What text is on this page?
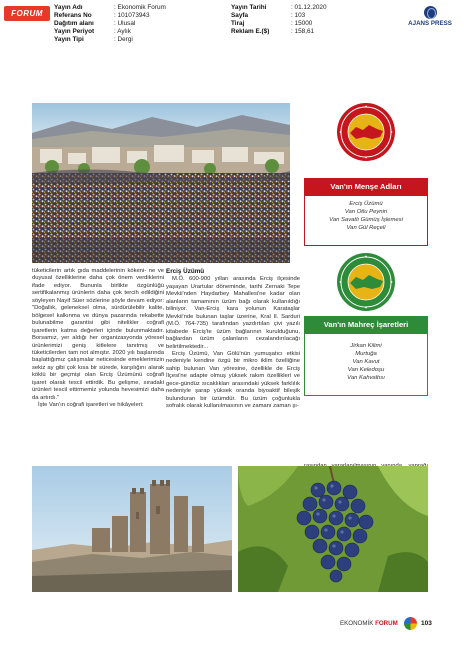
FORUM
Yayın Adı	: Ekonomik Forum
Referans No	: 101073943
Dağıtım alanı	: Ulusal
Yayın Periyot	: Aylık
Yayın Tipi	: Dergi
Yayın Tarihi	: 01.12.2020
Sayfa	: 103
Tiraj	: 15000
Reklam E.($)	: 158,61
AJANS PRESS
Van'ın Menşe Adları
Erciş Üzümü
Van Otlu Peyniri
Van Savatlı Gümüş İşlemesi
Van Gül Reçeli
Van'ın Mahreç İşaretleri
Jirkan Kilimi
Murtuğa
Van Kavut
Van Keledoşu
Van Kahvaltısı

tüketicilerin artık gıda maddelerinin kökeni- ne ve duyusal özelliklerine daha çok önem verdiklerini ifade ediyor. Bununla birlikte özgünlüğü sertifikalanmış ürünlerin daha çok tercih edildiğini söyleyen Nayif Süer sözlerine şöyle devam ediyor: "Doğallık, geleneksel olma, sürdürülebilir kalite, bölgesel kalkınma ve dünya pazarında rekabette bulunabilme garantisi gibi nitelikler coğrafi işaretlerin katma değerleri içinde bulunmaktadır. Borsamız, yer aldığı her organizasyonda yöresel ürünlerimizi geniş kitlelere tanıtmış ve tüketicilerden tam not almıştır. 2020 yılı başlarında başlattığımız çalışmalar neticesinde emeklerimizin sekiz ay gibi çok kısa bir sürede, karşılığını alarak köklü bir geçmişi olan Erciş Üzümünü coğrafi işaret olarak tescil ettirdik. Bu gelişme, sıradaki ürünleri tescil ettirmemiz yolunda hevesimizi daha da artırdı."

İşte Van'ın coğrafi işaretleri ve hikâyeleri:

Erciş Üzümü

M.Ö. 600-900 yılları arasında Erciş ilçesinde yaşayan Urartular döneminde, tarihi Zernaki Tepe Mevkii'nden Haydarbey Mahallesi'ne kadar olan alanların tamamının üzüm bağı olarak kullanıldığı biliniyor. Van-Erciş kara yolunun Karataşlar Mevkii'nde bulunan taşlar üzerine, Kral II. Sarduri (M.Ö. 764-735) tarafından yazdırtılan çivi yazılı kitabede Erciş'te üzüm bağlarının kurulduğunu, bağlardan üzüm çalanların cezalandırılacağı belirtilmektedir...

Erciş Üzümü, Van Gölü'nün yumuşatıcı etkisi nedeniyle kendine özgü bir mikro iklim özelliğine sahip bulunan Van yöresine, özellikle de Erciş İlçesi'ne adapte olmuş yüksek rakım özellikleri ve gece-gündüz sıcaklıkları arasındaki yüksek farklılık nedeniyle şarap yüksek oranda biyoaktif bileşik bulunduran bir üzümdür. Bu üzüm çoğunlukla sofralık olarak kullanılmasının ve zamanı zaman şı-

EKONOMİK FORUM	103
